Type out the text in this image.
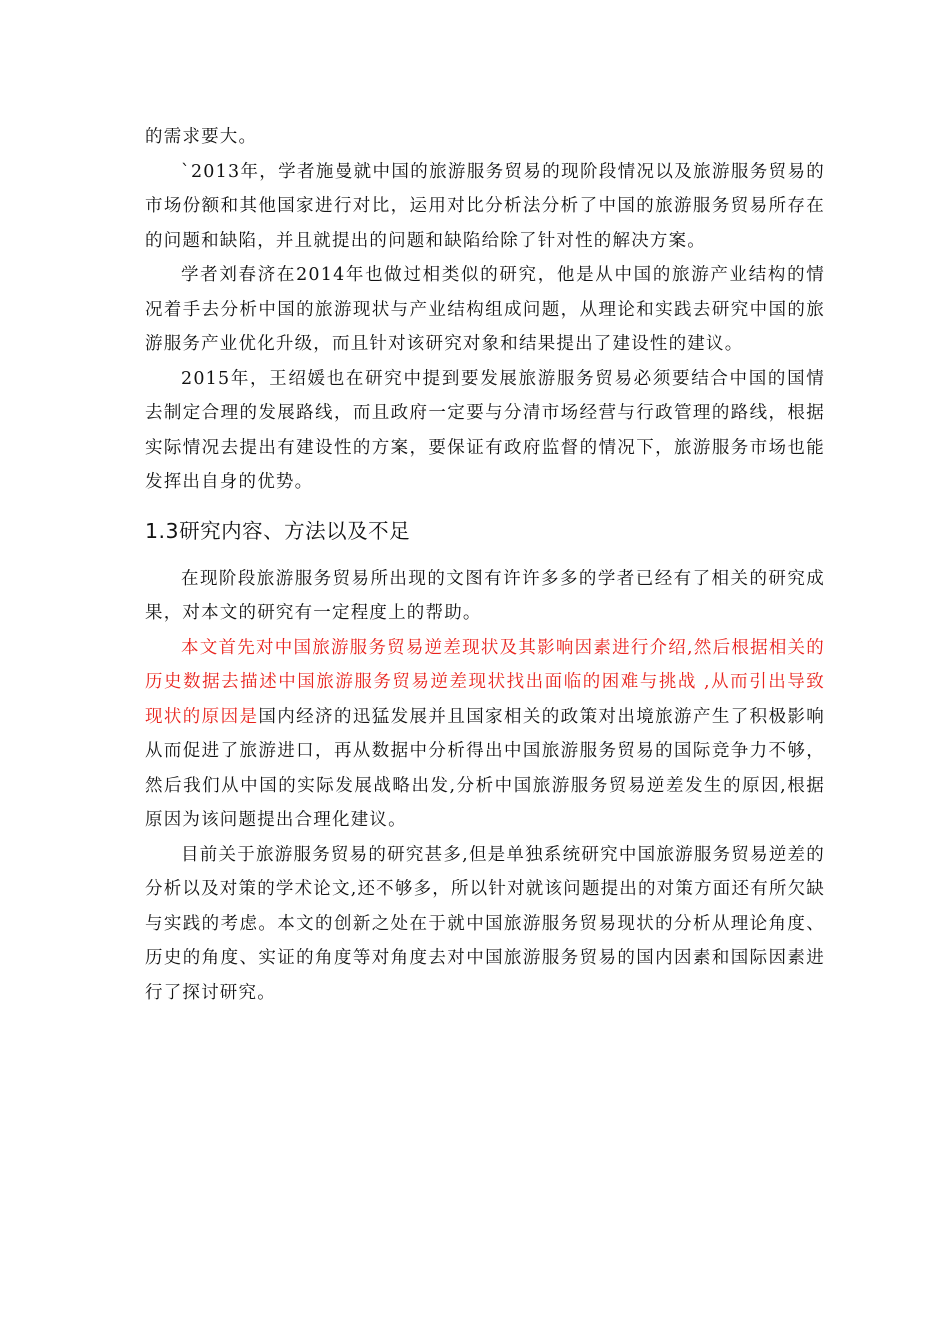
的需求要大。

`2013年，学者施曼就中国的旅游服务贸易的现阶段情况以及旅游服务贸易的市场份额和其他国家进行对比，运用对比分析法分析了中国的旅游服务贸易所存在的问题和缺陷，并且就提出的问题和缺陷给除了针对性的解决方案。

学者刘春济在2014年也做过相类似的研究，他是从中国的旅游产业结构的情况着手去分析中国的旅游现状与产业结构组成问题，从理论和实践去研究中国的旅游服务产业优化升级，而且针对该研究对象和结果提出了建设性的建议。

2015年，王绍媛也在研究中提到要发展旅游服务贸易必须要结合中国的国情去制定合理的发展路线，而且政府一定要与分清市场经营与行政管理的路线，根据实际情况去提出有建设性的方案，要保证有政府监督的情况下，旅游服务市场也能发挥出自身的优势。

1.3研究内容、方法以及不足

在现阶段旅游服务贸易所出现的文图有许许多多的学者已经有了相关的研究成果，对本文的研究有一定程度上的帮助。

本文首先对中国旅游服务贸易逆差现状及其影响因素进行介绍,然后根据相关的历史数据去描述中国旅游服务贸易逆差现状找出面临的困难与挑战 ,从而引出导致现状的原因是国内经济的迅猛发展并且国家相关的政策对出境旅游产生了积极影响从而促进了旅游进口，再从数据中分析得出中国旅游服务贸易的国际竞争力不够，然后我们从中国的实际发展战略出发,分析中国旅游服务贸易逆差发生的原因,根据原因为该问题提出合理化建议。

目前关于旅游服务贸易的研究甚多,但是单独系统研究中国旅游服务贸易逆差的分析以及对策的学术论文,还不够多，所以针对就该问题提出的对策方面还有所欠缺与实践的考虑。本文的创新之处在于就中国旅游服务贸易现状的分析从理论角度、历史的角度、实证的角度等对角度去对中国旅游服务贸易的国内因素和国际因素进行了探讨研究。
